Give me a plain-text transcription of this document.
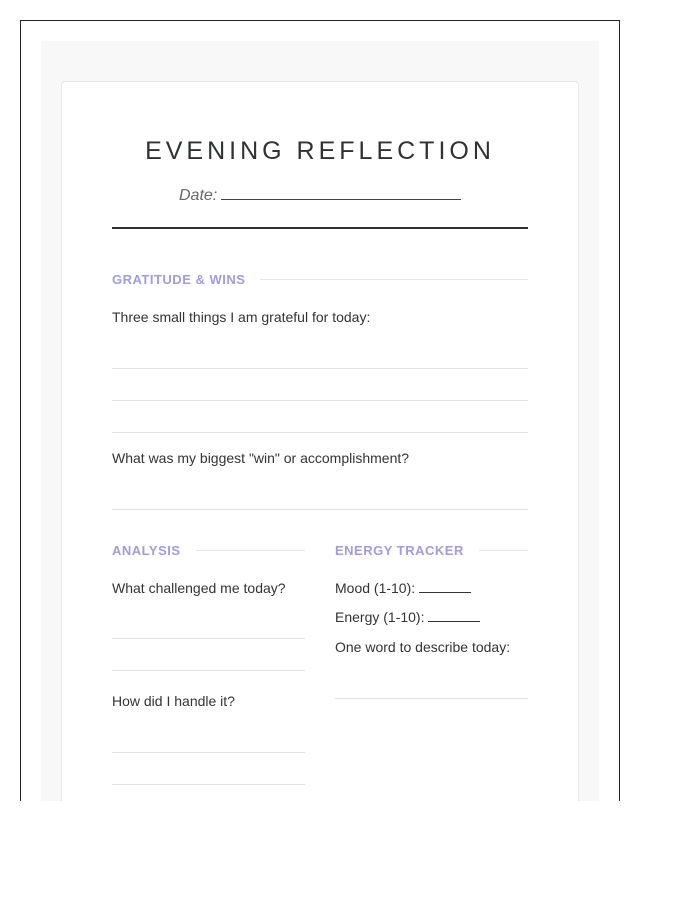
EVENING REFLECTION
Date:
GRATITUDE & WINS

Three small things I am grateful for today:

What was my biggest "win" or accomplishment?

ANALYSIS

What challenged me today?

How did I handle it?

ENERGY TRACKER
Mood (1-10):
Energy (1-10):

One word to describe today:
